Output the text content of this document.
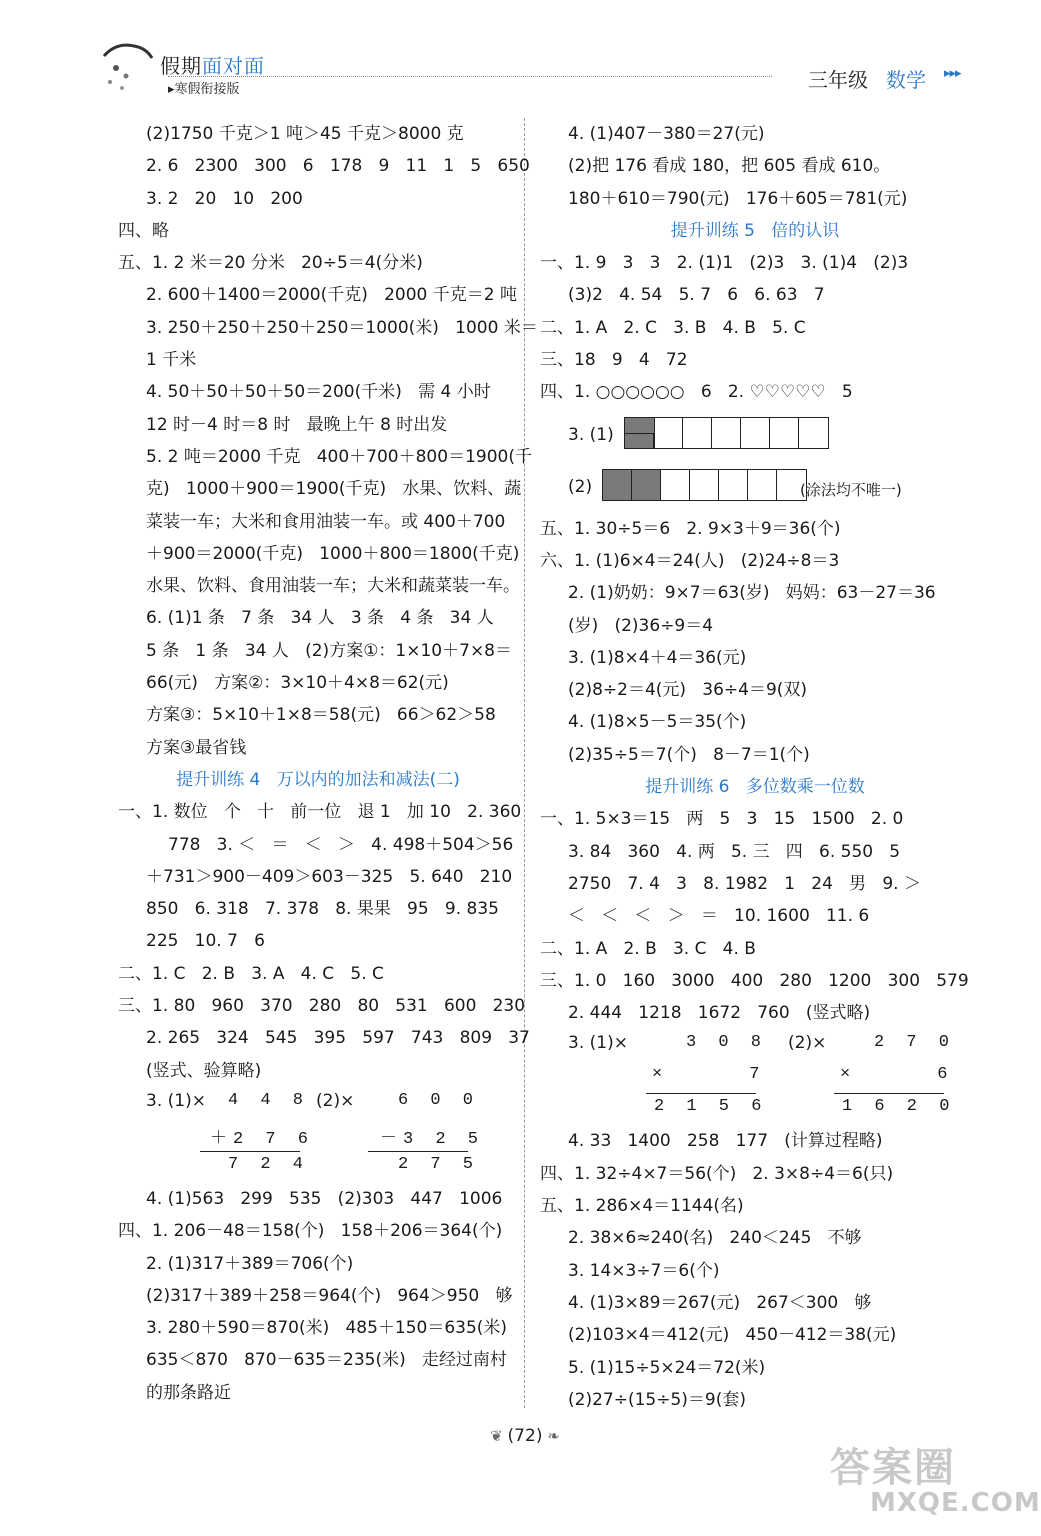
假期面对面
▸寒假衔接版	三年级 数学 ▸▸▸
(2)1750 千克＞1 吨＞45 千克＞8000 克
2. 6   2300   300   6   178   9   11   1   5   650
3. 2   20   10   200
四、略
五、1. 2 米＝20 分米   20÷5＝4(分米)
2. 600＋1400＝2000(千克)   2000 千克＝2 吨
3. 250＋250＋250＋250＝1000(米)   1000 米＝
1 千米
4. 50＋50＋50＋50＝200(千米)   需 4 小时
12 时－4 时＝8 时   最晚上午 8 时出发
5. 2 吨＝2000 千克   400＋700＋800＝1900(千
克)   1000＋900＝1900(千克)   水果、饮料、蔬
菜装一车；大米和食用油装一车。或 400＋700
＋900＝2000(千克)   1000＋800＝1800(千克)
水果、饮料、食用油装一车；大米和蔬菜装一车。
6. (1)1 条   7 条   34 人   3 条   4 条   34 人
5 条   1 条   34 人   (2)方案①：1×10＋7×8＝
66(元)   方案②：3×10＋4×8＝62(元)
方案③：5×10＋1×8＝58(元)   66＞62＞58
方案③最省钱
提升训练 4   万以内的加法和减法(二)
一、1. 数位   个   十   前一位   退 1   加 10   2. 360
778   3. ＜   ＝   ＜   ＞   4. 498＋504＞56
＋731＞900－409＞603－325   5. 640   210
850   6. 318   7. 378   8. 果果   95   9. 835
225   10. 7   6
二、1. C   2. B   3. A   4. C   5. C
三、1. 80   960   370   280   80   531   600   230
2. 265   324   545   395   597   743   809   37
(竖式、验算略)
3. (1)× 4 4 8
＋2 7 6
7 2 4
(2)×	6 0 0
－3 2 5
2 7 5
4. (1)563   299   535   (2)303   447   1006
四、1. 206－48＝158(个)   158＋206＝364(个)
2. (1)317＋389＝706(个)
(2)317＋389＋258＝964(个)   964＞950   够
3. 280＋590＝870(米)   485＋150＝635(米)
635＜870   870－635＝235(米)   走经过南村
的那条路近
4. (1)407－380＝27(元)
(2)把 176 看成 180，把 605 看成 610。
180＋610＝790(元)   176＋605＝781(元)
提升训练 5   倍的认识
一、1. 9   3   3   2. (1)1   (2)3   3. (1)4   (2)3
(3)2   4. 54   5. 7   6   6. 63   7
二、1. A   2. C   3. B   4. B   5. C
三、18   9   4   72
四、1. ○○○○○○   6   2. ♡♡♡♡♡   5
3. (1)
(2)	(涂法均不唯一)
五、1. 30÷5＝6   2. 9×3＋9＝36(个)
六、1. (1)6×4＝24(人)   (2)24÷8＝3
2. (1)奶奶：9×7＝63(岁)   妈妈：63－27＝36
(岁)   (2)36÷9＝4
3. (1)8×4＋4＝36(元)
(2)8÷2＝4(元)   36÷4＝9(双)
4. (1)8×5－5＝35(个)
(2)35÷5＝7(个)   8－7＝1(个)
提升训练 6   多位数乘一位数
一、1. 5×3＝15   两   5   3   15   1500   2. 0
3. 84   360   4. 两   5. 三   四   6. 550   5
2750   7. 4   3   8. 1982   1   24   男   9. ＞
＜   ＜   ＜   ＞   ＝   10. 1600   11. 6
二、1. A   2. B   3. C   4. B
三、1. 0   160   3000   400   280   1200   300   579
2. 444   1218   1672   760   (竖式略)
3. (1)×	3 0 8
×     7
2 1 5 6
(2)×	2 7 0
×     6
1 6 2 0
4. 33   1400   258   177   (计算过程略)
四、1. 32÷4×7＝56(个)   2. 3×8÷4＝6(只)
五、1. 286×4＝1144(名)
2. 38×6≈240(名)   240＜245   不够
3. 14×3÷7＝6(个)
4. (1)3×89＝267(元)   267＜300   够
(2)103×4＝412(元)   450－412＝38(元)
5. (1)15÷5×24＝72(米)
(2)27÷(15÷5)＝9(套)
❦ (72) ❧
答案圈
MXQE.COM
